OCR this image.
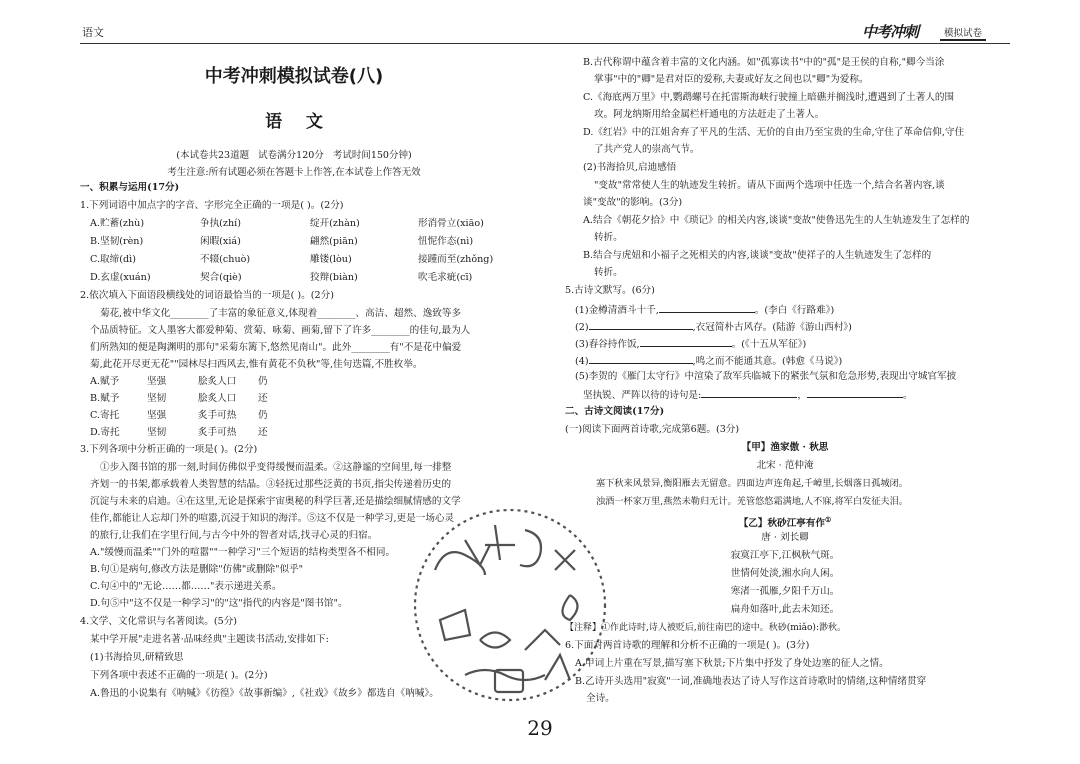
语文	中考冲刺	模拟试卷
中考冲刺模拟试卷(八)
语    文
(本试卷共23道题   试卷满分120分   考试时间150分钟)
考生注意:所有试题必须在答题卡上作答,在本试卷上作答无效
一、积累与运用(17分)
1.下列词语中加点字的字音、字形完全正确的一项是( )。(2分)
A.贮蓄(zhù)	争执(zhí)	绽开(zhàn)	形消骨立(xiāo)
B.坚韧(rèn)	闲暇(xiá)	翩然(piān)	忸怩作态(nì)
C.取缔(dì)	不辍(chuò)	雕镂(lòu)	接踵而至(zhǒng)
D.玄虚(xuán)	契合(qiè)	狡辩(biàn)	吹毛求疵(cī)
2.依次填入下面语段横线处的词语最恰当的一项是( )。(2分)
菊花,被中华文化________了丰富的象征意义,体现着________、高洁、超然、逸致等多
个品质特征。文人墨客大都爱种菊、赏菊、咏菊、画菊,留下了许多________的佳句,最为人
们所熟知的便是陶渊明的那句"采菊东篱下,悠然见南山"。此外________有"不是花中偏爱
菊,此花开尽更无花""园林尽扫西风去,惟有黄花不负秋"等,佳句迭篇,不胜枚举。
A.赋予	坚强	脍炙人口 仍
B.赋予	坚韧	脍炙人口 还
C.寄托	坚强	炙手可热 仍
D.寄托	坚韧	炙手可热 还
3.下列各项中分析正确的一项是( )。(2分)
①步入图书馆的那一刻,时间仿佛似乎变得缓慢而温柔。②这静谧的空间里,每一排整
齐划一的书架,都承载着人类智慧的结晶。③轻抚过那些泛黄的书页,指尖传递着历史的
沉淀与未来的启迪。④在这里,无论是探索宇宙奥秘的科学巨著,还是描绘细腻情感的文学
佳作,都能让人忘却门外的喧嚣,沉浸于知识的海洋。⑤这不仅是一种学习,更是一场心灵
的旅行,让我们在字里行间,与古今中外的智者对话,找寻心灵的归宿。
A."缓慢而温柔""门外的喧嚣""一种学习"三个短语的结构类型各不相同。
B.句①是病句,修改方法是删除"仿佛"或删除"似乎"
C.句④中的"无论……都……"表示递进关系。
D.句⑤中"这不仅是一种学习"的"这"指代的内容是"图书馆"。
4.文学、文化常识与名著阅读。(5分)
某中学开展"走进名著·品味经典"主题读书活动,安排如下:
(1)书海拾贝,研精致思
下列各项中表述不正确的一项是( )。(2分)
A.鲁迅的小说集有《呐喊》《彷徨》《故事新编》,《社戏》《故乡》都选自《呐喊》。
B.古代称谓中蕴含着丰富的文化内涵。如"孤寡读书"中的"孤"是王侯的自称,"卿今当涂
掌事"中的"卿"是君对臣的爱称,夫妻或好友之间也以"卿"为爱称。
C.《海底两万里》中,鹦鹉螺号在托雷斯海峡行驶撞上暗礁并搁浅时,遭遇到了土著人的围
攻。阿龙纳斯用给金属栏杆通电的方法赶走了土著人。
D.《红岩》中的江姐舍弃了平凡的生活、无价的自由乃至宝贵的生命,守住了革命信仰,守住
了共产党人的崇高气节。
(2)书海拾贝,启迪感悟
"变故"常常使人生的轨迹发生转折。请从下面两个选项中任选一个,结合名著内容,谈
谈"变故"的影响。(3分)
A.结合《朝花夕拾》中《琐记》的相关内容,谈谈"变故"使鲁迅先生的人生轨迹发生了怎样的
转折。
B.结合与虎妞和小福子之死相关的内容,谈谈"变故"使祥子的人生轨迹发生了怎样的
转折。
5.古诗文默写。(6分)
(1)金樽清酒斗十千,	。(李白《行路难》)
(2)	,衣冠简朴古风存。(陆游《游山西村》)
(3)舂谷持作饭,	。(《十五从军征》)
(4)	,鸣之而不能通其意。(韩愈《马说》)
(5)李贺的《雁门太守行》中渲染了敌军兵临城下的紧张气氛和危急形势,表现出守城官军披
坚执锐、严阵以待的诗句是:	，	。
二、古诗文阅读(17分)
(一)阅读下面两首诗歌,完成第6题。(3分)
【甲】渔家傲 · 秋思
北宋 · 范仲淹
塞下秋来风景异,衡阳雁去无留意。四面边声连角起,千嶂里,长烟落日孤城闭。
浊酒一杯家万里,燕然未勒归无计。羌管悠悠霜满地,人不寐,将军白发征夫泪。
【乙】秋砂江亭有作①
唐 · 刘长卿
寂寞江亭下,江枫秋气斑。
世情何处淡,湘水向人闲。
寒渚一孤雁,夕阳千万山。
扁舟如落叶,此去未知还。
【注释】①作此诗时,诗人被贬后,前往南巴的途中。秋砂(miǎo):渺秋。
6.下面对两首诗歌的理解和分析不正确的一项是( )。(3分)
A.甲词上片重在写景,描写塞下秋景;下片集中抒发了身处边塞的征人之情。
B.乙诗开头选用"寂寞"一词,准确地表达了诗人写作这首诗歌时的情绪,这种情绪贯穿
全诗。
29
